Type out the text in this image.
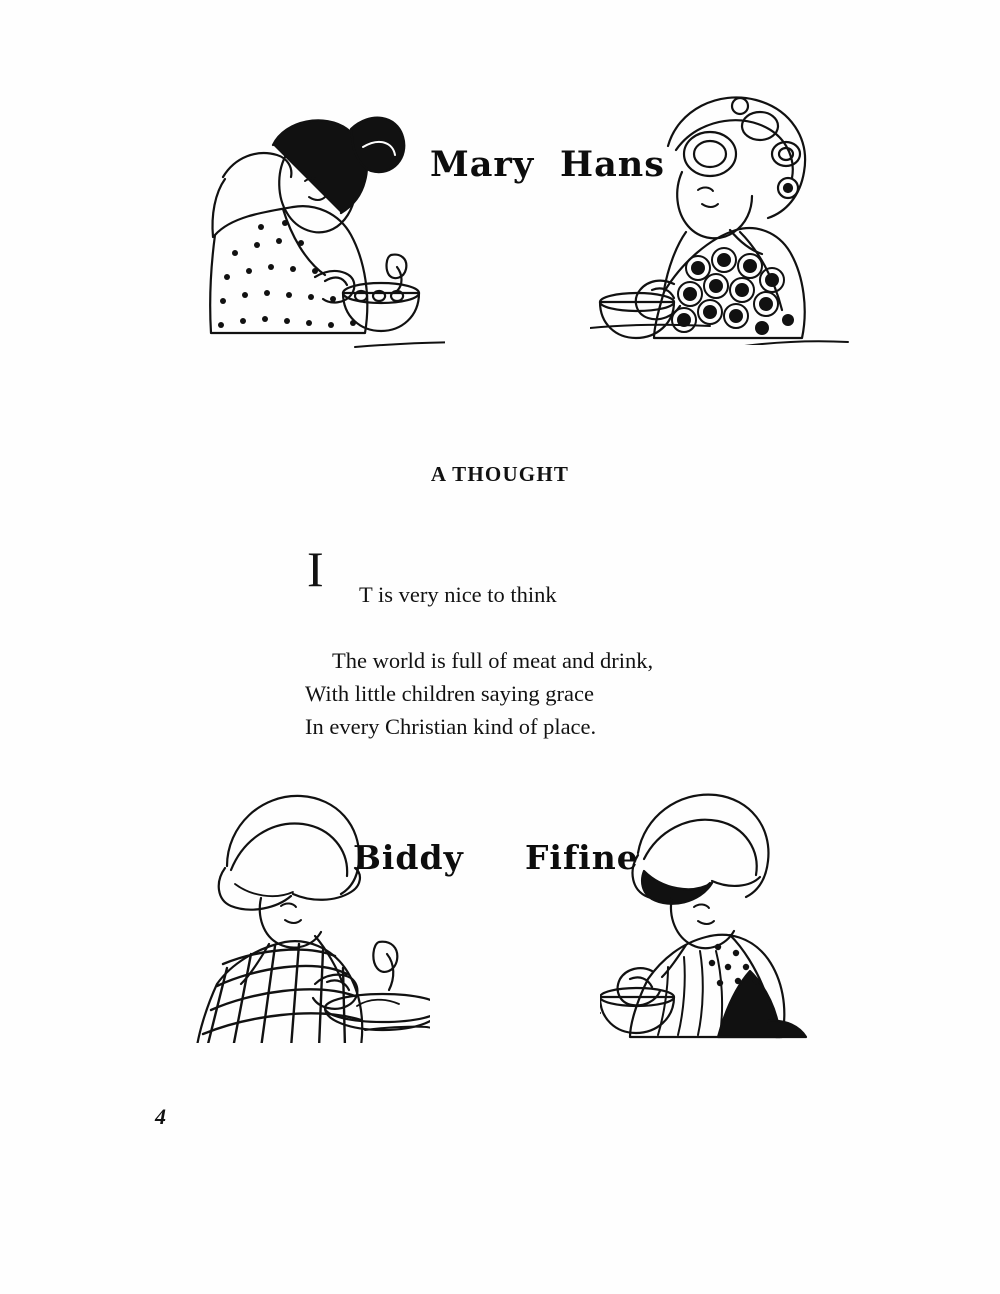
Mary Hans
A THOUGHT

I T is very nice to think

The world is full of meat and drink,
With little children saying grace
In every Christian kind of place.
Biddy Fifine
4
